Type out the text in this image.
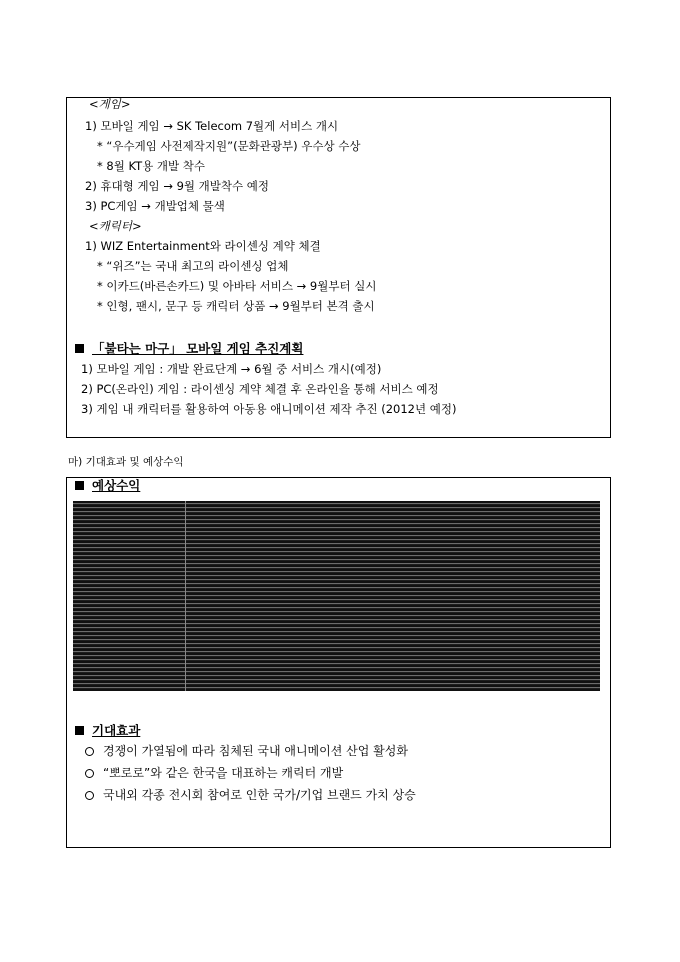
<게임>
1) 모바일 게임 → SK Telecom 7월게 서비스 개시
* “우수게임 사전제작지원”(문화관광부) 우수상 수상
* 8월 KT용 개발 착수
2) 휴대형 게임 → 9월 개발착수 예정
3) PC게임 → 개발업체 물색
<캐릭터>
1) WIZ Entertainment와 라이센싱 계약 체결
* “위즈”는 국내 최고의 라이센싱 업체
* 이카드(바른손카드) 및 아바타 서비스 → 9월부터 실시
* 인형, 팬시, 문구 등 캐릭터 상품 → 9월부터 본격 출시
「불타는 마구」 모바일 게임 추진계획
1) 모바일 게임 : 개발 완료단계 → 6월 중 서비스 개시(예정)
2) PC(온라인) 게임 : 라이센싱 계약 체결 후 온라인을 통해 서비스 예정
3) 게임 내 캐릭터를 활용하여 아동용 애니메이션 제작 추진 (2012년 예정)
마) 기대효과 및 예상수익
예상수익
기대효과
경쟁이 가열됨에 따라 침체된 국내 애니메이션 산업 활성화
“뽀로로”와 같은 한국을 대표하는 캐릭터 개발
국내외 각종 전시회 참여로 인한 국가/기업 브랜드 가치 상승
